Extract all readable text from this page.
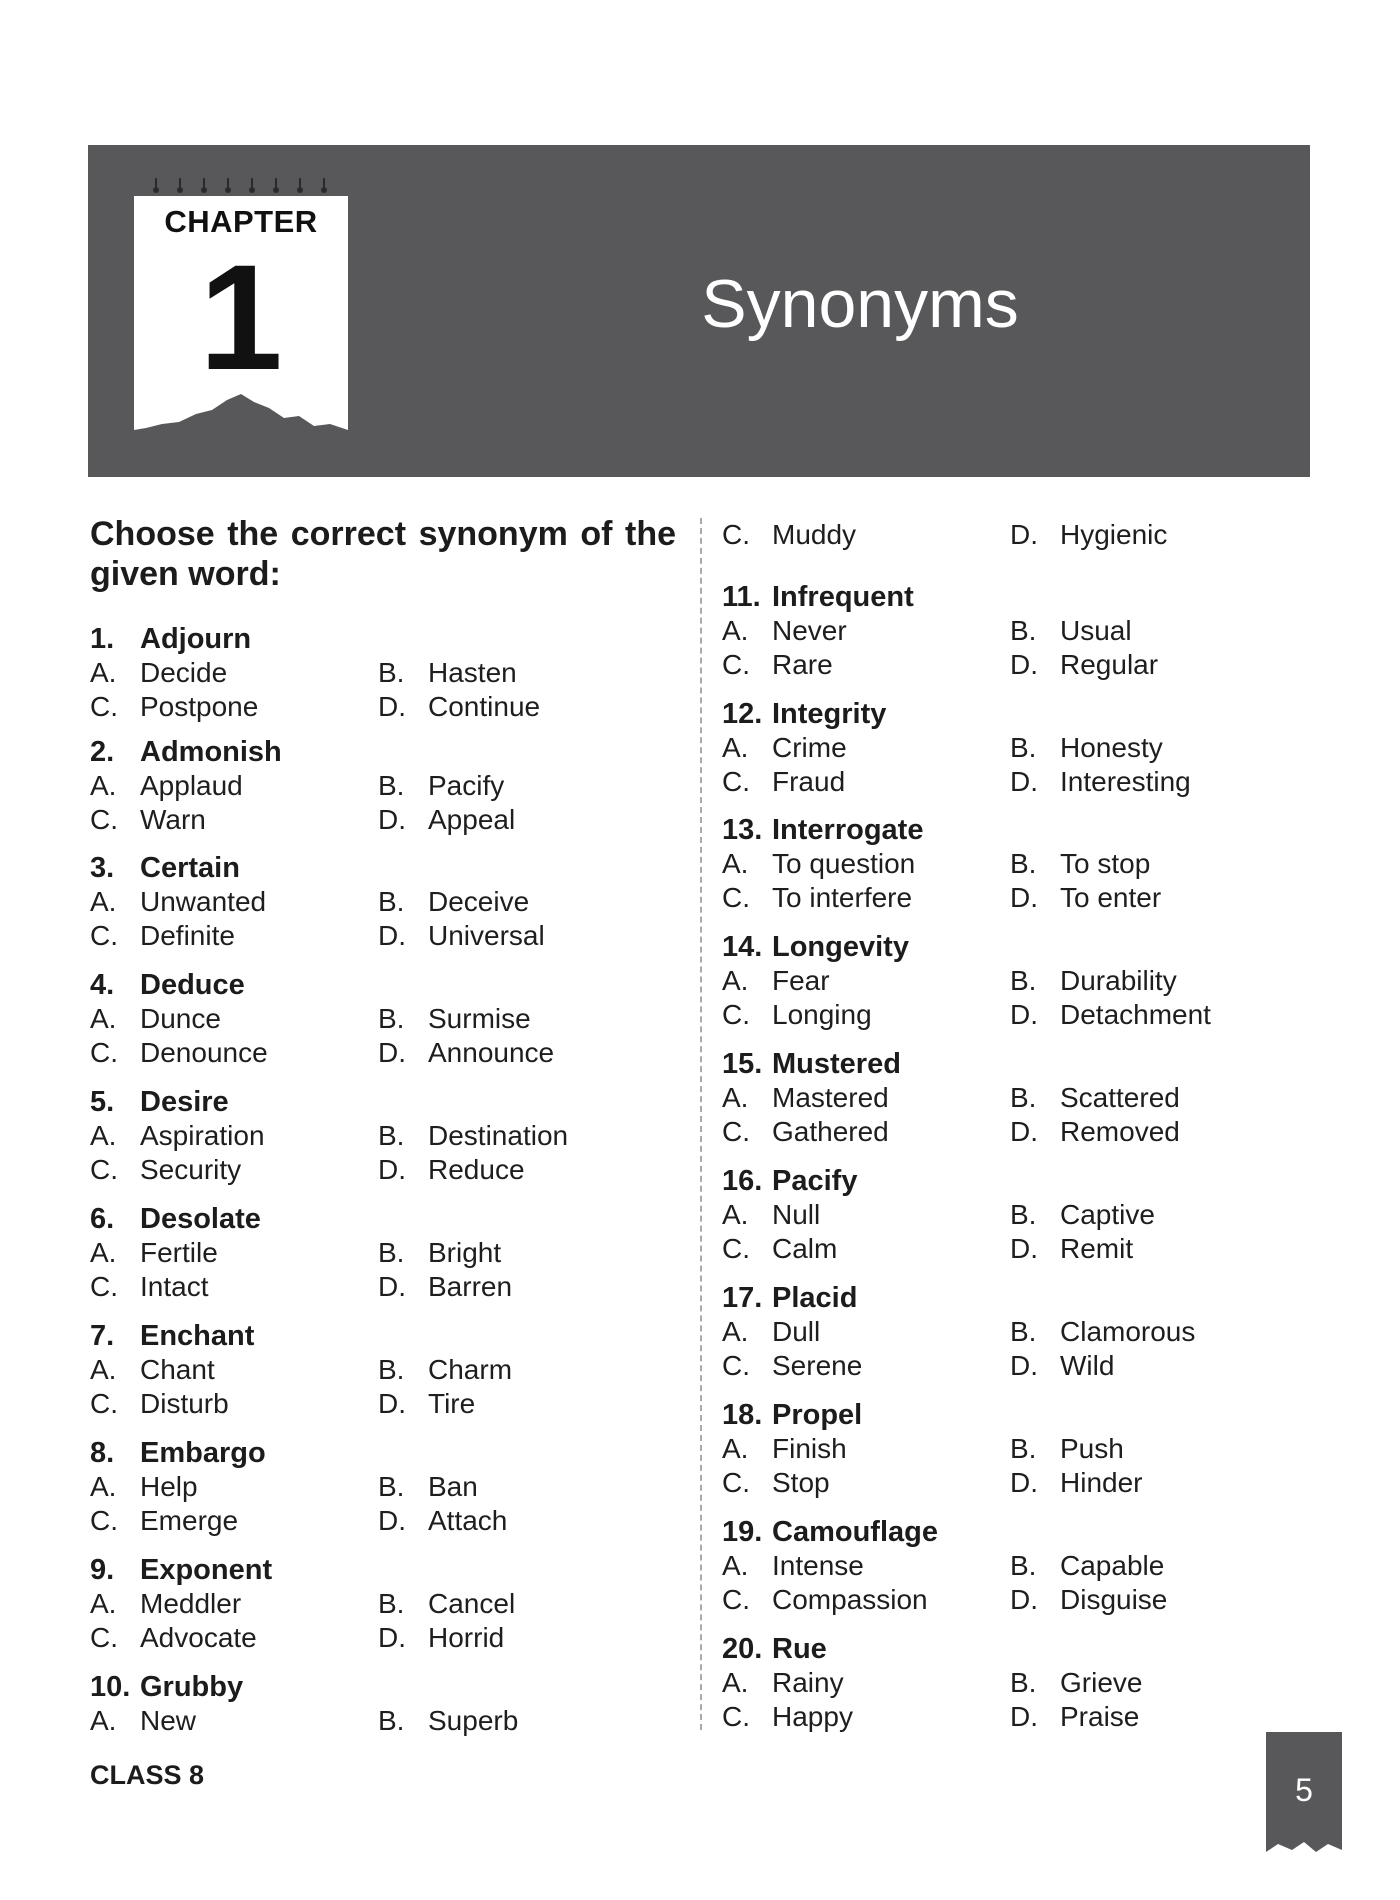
CHAPTER
1	Synonyms
Choose the correct synonym of the given word:
1. Adjourn
A. Decide	B. Hasten
C. Postpone	D. Continue
2. Admonish
A. Applaud	B. Pacify
C. Warn	D. Appeal
3. Certain
A. Unwanted	B. Deceive
C. Definite	D. Universal
4. Deduce
A. Dunce	B. Surmise
C. Denounce	D. Announce
5. Desire
A. Aspiration	B. Destination
C. Security	D. Reduce
6. Desolate
A. Fertile	B. Bright
C. Intact	D. Barren
7. Enchant
A. Chant	B. Charm
C. Disturb	D. Tire
8. Embargo
A. Help	B. Ban
C. Emerge	D. Attach
9. Exponent
A. Meddler	B. Cancel
C. Advocate	D. Horrid
10. Grubby
A. New	B. Superb
C. Muddy	D. Hygienic
11. Infrequent
A. Never	B. Usual
C. Rare	D. Regular
12. Integrity
A. Crime	B. Honesty
C. Fraud	D. Interesting
13. Interrogate
A. To question	B. To stop
C. To interfere	D. To enter
14. Longevity
A. Fear	B. Durability
C. Longing	D. Detachment
15. Mustered
A. Mastered	B. Scattered
C. Gathered	D. Removed
16. Pacify
A. Null	B. Captive
C. Calm	D. Remit
17. Placid
A. Dull	B. Clamorous
C. Serene	D. Wild
18. Propel
A. Finish	B. Push
C. Stop	D. Hinder
19. Camouflage
A. Intense	B. Capable
C. Compassion	D. Disguise
20. Rue
A. Rainy	B. Grieve
C. Happy	D. Praise
CLASS 8	5
